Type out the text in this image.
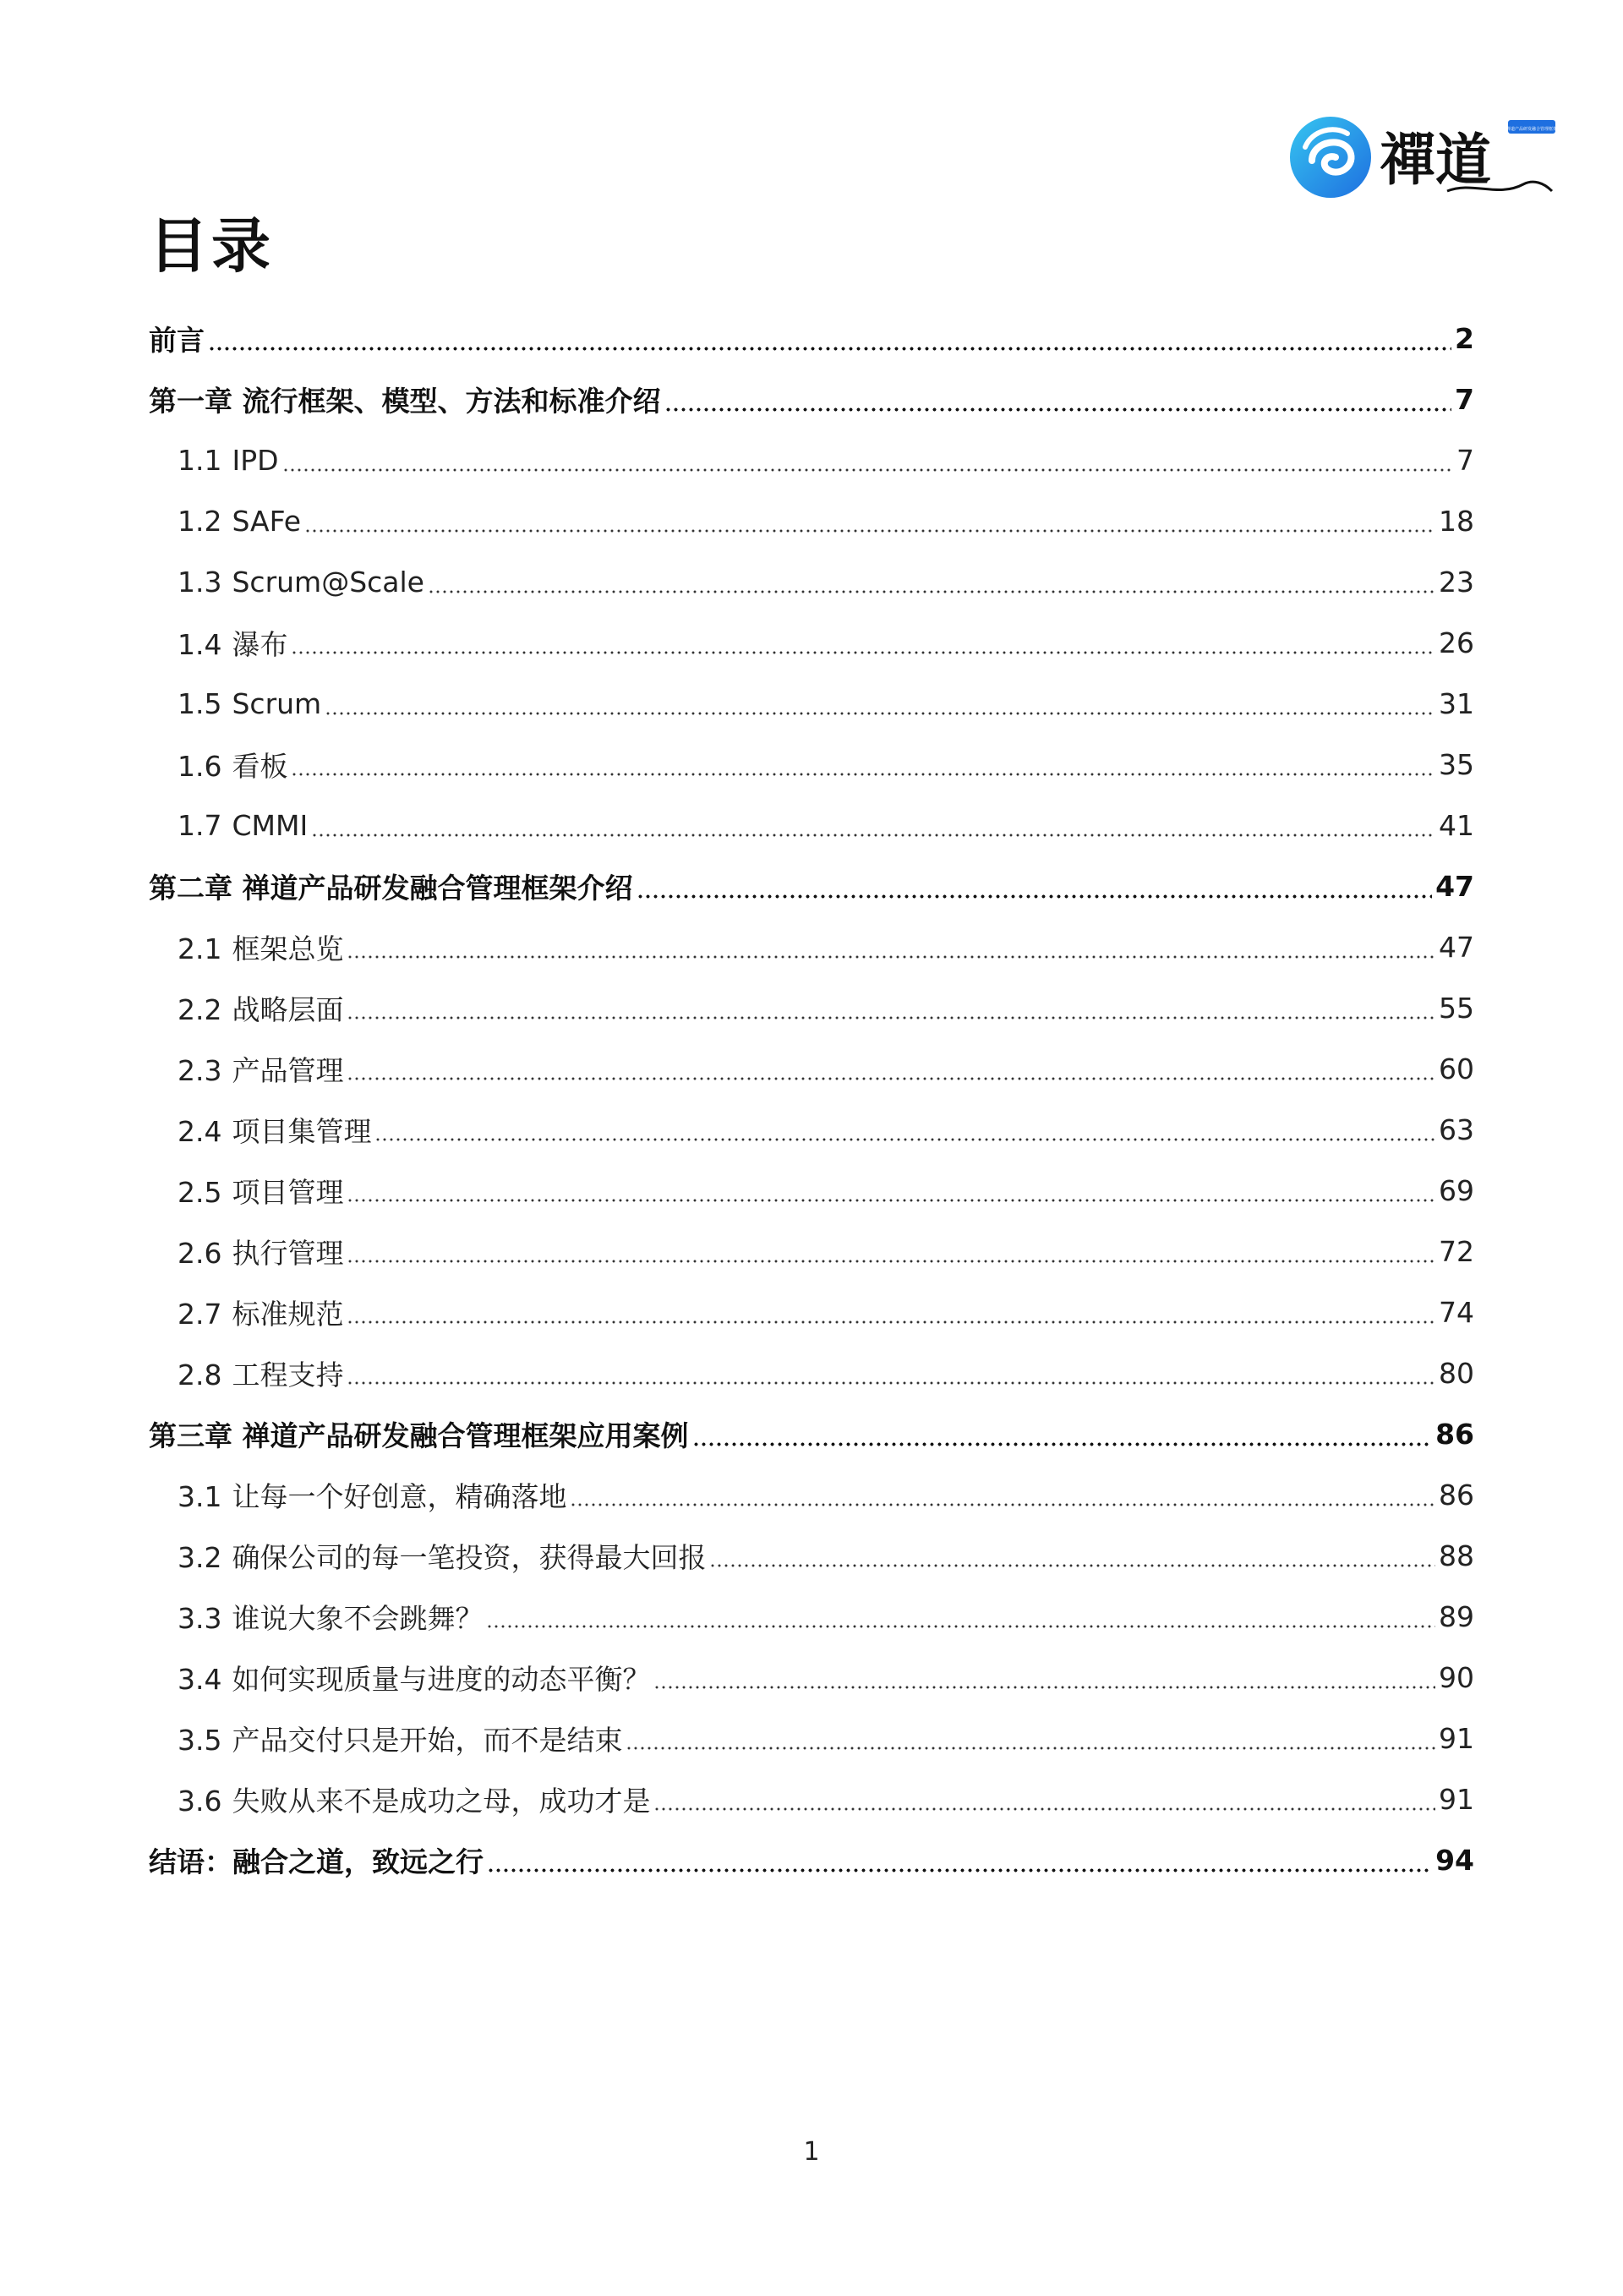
禪道	禅道产品研发融合管理框架
目录
前言	2
第一章 流行框架、模型、方法和标准介绍	7
1.1 IPD	7
1.2 SAFe	18
1.3 Scrum@Scale	23
1.4 瀑布	26
1.5 Scrum	31
1.6 看板	35
1.7 CMMI	41
第二章 禅道产品研发融合管理框架介绍	47
2.1 框架总览	47
2.2 战略层面	55
2.3 产品管理	60
2.4 项目集管理	63
2.5 项目管理	69
2.6 执行管理	72
2.7 标准规范	74
2.8 工程支持	80
第三章 禅道产品研发融合管理框架应用案例	86
3.1 让每一个好创意，精确落地	86
3.2 确保公司的每一笔投资，获得最大回报	88
3.3 谁说大象不会跳舞？	89
3.4 如何实现质量与进度的动态平衡？	90
3.5 产品交付只是开始，而不是结束	91
3.6 失败从来不是成功之母，成功才是	91
结语：融合之道，致远之行	94
1
